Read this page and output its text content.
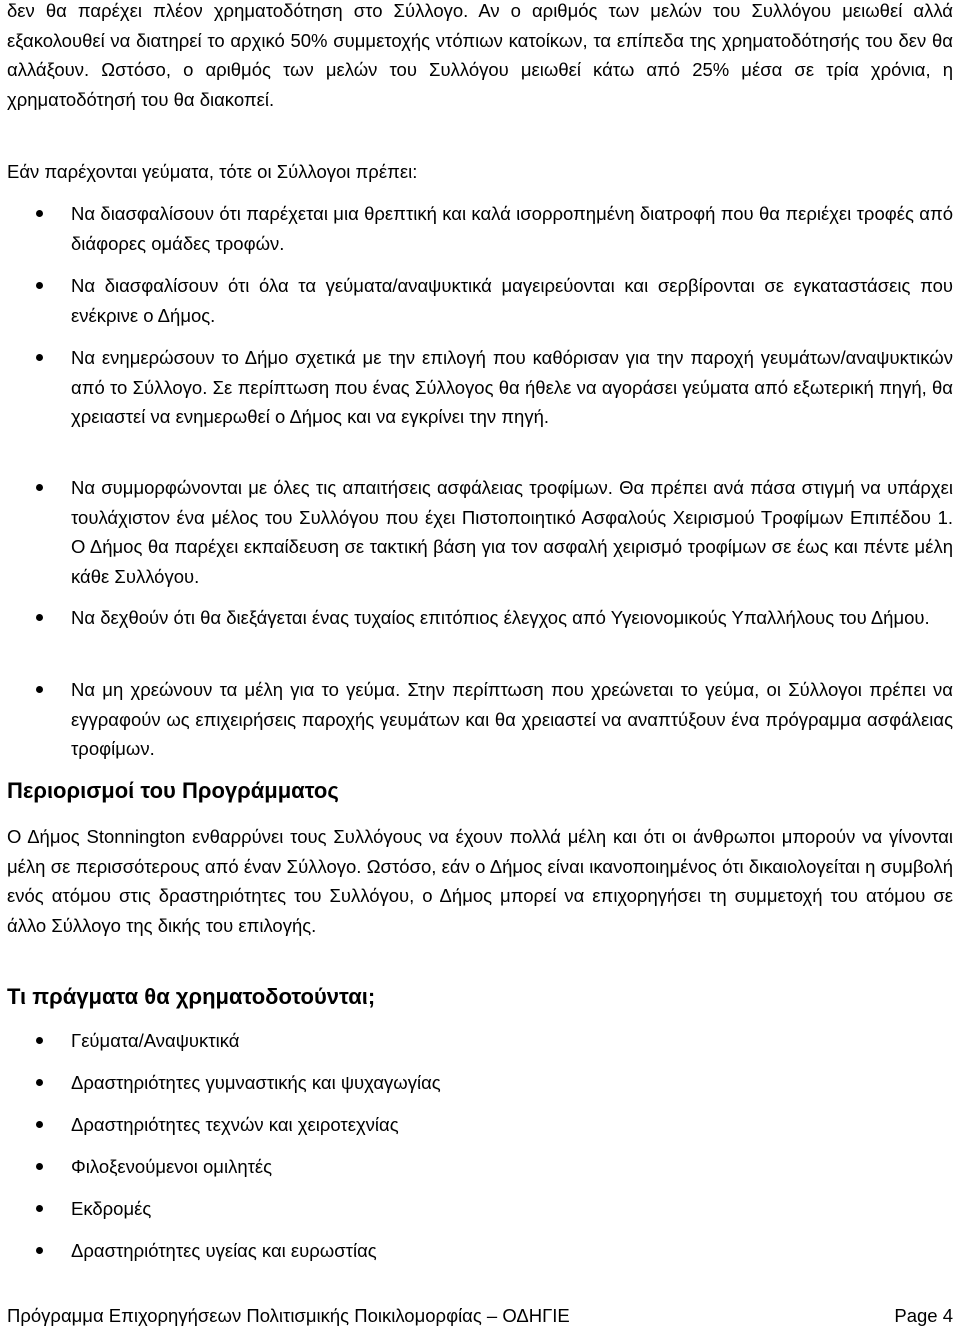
δεν θα παρέχει πλέον χρηματοδότηση στο Σύλλογο. Αν ο αριθμός των μελών του Συλλόγου μειωθεί αλλά εξακολουθεί να διατηρεί το αρχικό 50% συμμετοχής ντόπιων κατοίκων, τα επίπεδα της χρηματοδότησής του δεν θα αλλάξουν. Ωστόσο, ο αριθμός των μελών του Συλλόγου μειωθεί κάτω από 25% μέσα σε τρία χρόνια, η χρηματοδότησή του θα διακοπεί.
Εάν παρέχονται γεύματα, τότε οι Σύλλογοι πρέπει:
Να διασφαλίσουν ότι παρέχεται μια θρεπτική και καλά ισορροπημένη διατροφή που θα περιέχει τροφές από διάφορες ομάδες τροφών.
Να διασφαλίσουν ότι όλα τα γεύματα/αναψυκτικά μαγειρεύονται και σερβίρονται σε εγκαταστάσεις που ενέκρινε ο Δήμος.
Να ενημερώσουν το Δήμο σχετικά με την επιλογή που καθόρισαν για την παροχή γευμάτων/αναψυκτικών από το Σύλλογο. Σε περίπτωση που ένας Σύλλογος θα ήθελε να αγοράσει γεύματα από εξωτερική πηγή, θα χρειαστεί να ενημερωθεί ο Δήμος και να εγκρίνει την πηγή.
Να συμμορφώνονται με όλες τις απαιτήσεις ασφάλειας τροφίμων. Θα πρέπει ανά πάσα στιγμή να υπάρχει τουλάχιστον ένα μέλος του Συλλόγου που έχει Πιστοποιητικό Ασφαλούς Χειρισμού Τροφίμων Επιπέδου 1. Ο Δήμος θα παρέχει εκπαίδευση σε τακτική βάση για τον ασφαλή χειρισμό τροφίμων σε έως και πέντε μέλη κάθε Συλλόγου.
Να δεχθούν ότι θα διεξάγεται ένας τυχαίος επιτόπιος έλεγχος από Υγειονομικούς Υπαλλήλους του Δήμου.
Να μη χρεώνουν τα μέλη για το γεύμα. Στην περίπτωση που χρεώνεται το γεύμα, οι Σύλλογοι πρέπει να εγγραφούν ως επιχειρήσεις παροχής γευμάτων και θα χρειαστεί να αναπτύξουν ένα πρόγραμμα ασφάλειας τροφίμων.
Περιορισμοί του Προγράμματος
Ο Δήμος Stonnington ενθαρρύνει τους Συλλόγους να έχουν πολλά μέλη και ότι οι άνθρωποι μπορούν να γίνονται μέλη σε περισσότερους από έναν Σύλλογο. Ωστόσο, εάν ο Δήμος είναι ικανοποιημένος ότι δικαιολογείται η συμβολή ενός ατόμου στις δραστηριότητες του Συλλόγου, ο Δήμος μπορεί να επιχορηγήσει τη συμμετοχή του ατόμου σε άλλο Σύλλογο της δικής του επιλογής.
Τι πράγματα θα χρηματοδοτούνται;
Γεύματα/Αναψυκτικά
Δραστηριότητες γυμναστικής και ψυχαγωγίας
Δραστηριότητες τεχνών και χειροτεχνίας
Φιλοξενούμενοι ομιλητές
Εκδρομές
Δραστηριότητες υγείας και ευρωστίας
Πρόγραμμα Επιχορηγήσεων Πολιτισμικής Ποικιλομορφίας – ΟΔΗΓΙΕ	Page 4
